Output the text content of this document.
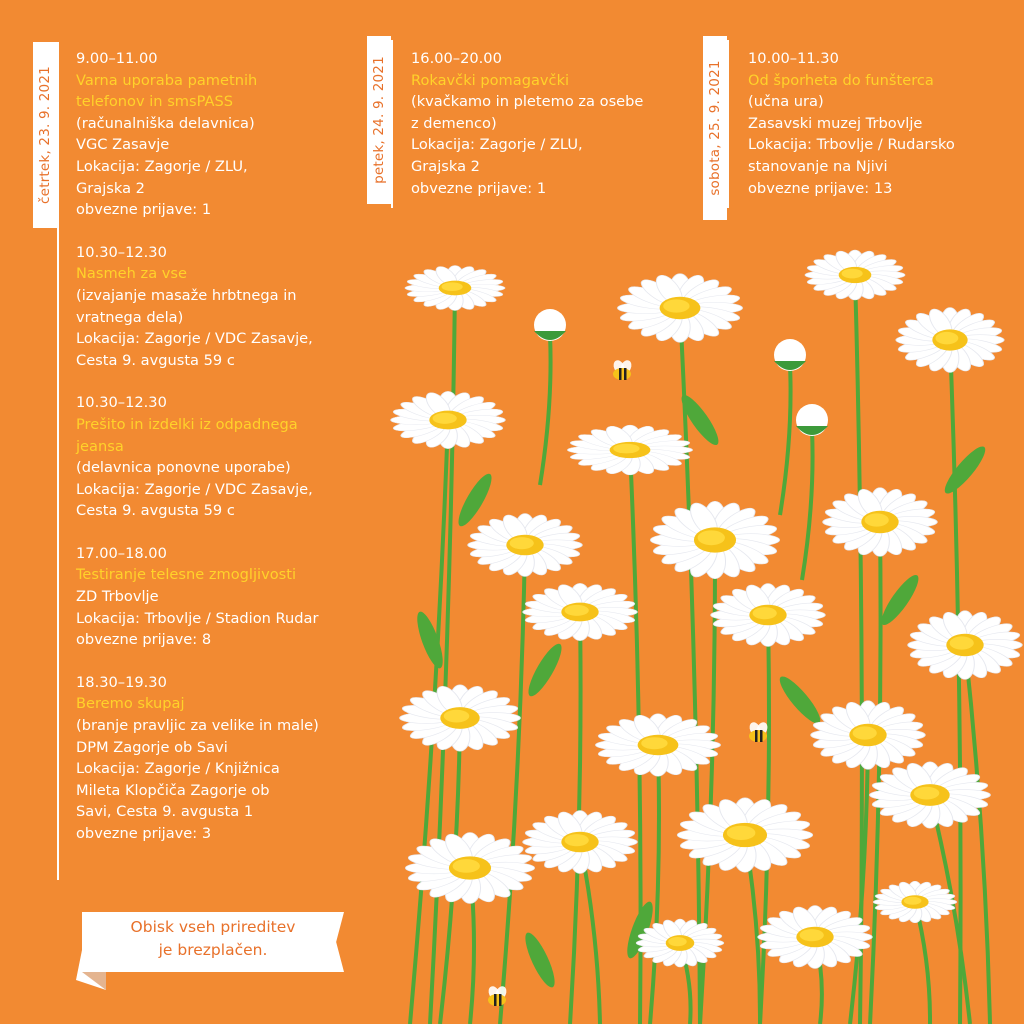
četrtek, 23. 9. 2021
9.00–11.00
Varna uporaba pametnih
telefonov in smsPASS
(računalniška delavnica)
VGC Zasavje
Lokacija: Zagorje / ZLU,
Grajska 2
obvezne prijave: 1
10.30–12.30
Nasmeh za vse
(izvajanje masaže hrbtnega in
vratnega dela)
Lokacija: Zagorje / VDC Zasavje,
Cesta 9. avgusta 59 c
10.30–12.30
Prešito in izdelki iz odpadnega
jeansa
(delavnica ponovne uporabe)
Lokacija: Zagorje / VDC Zasavje,
Cesta 9. avgusta 59 c
17.00–18.00
Testiranje telesne zmogljivosti
ZD Trbovlje
Lokacija: Trbovlje / Stadion Rudar
obvezne prijave: 8
18.30–19.30
Beremo skupaj
(branje pravljic za velike in male)
DPM Zagorje ob Savi
Lokacija: Zagorje / Knjižnica
Mileta Klopčiča Zagorje ob
Savi, Cesta 9. avgusta 1
obvezne prijave: 3
petek, 24. 9. 2021 16.00–20.00
Rokavčki pomagavčki
(kvačkamo in pletemo za osebe
z demenco)
Lokacija: Zagorje / ZLU,
Grajska 2
obvezne prijave: 1	sobota, 25. 9. 2021
10.00–11.30
Od šporheta do funšterca
(učna ura)
Zasavski muzej Trbovlje
Lokacija: Trbovlje / Rudarsko
stanovanje na Njivi
obvezne prijave: 13
Obisk vseh prireditev
je brezplačen.
